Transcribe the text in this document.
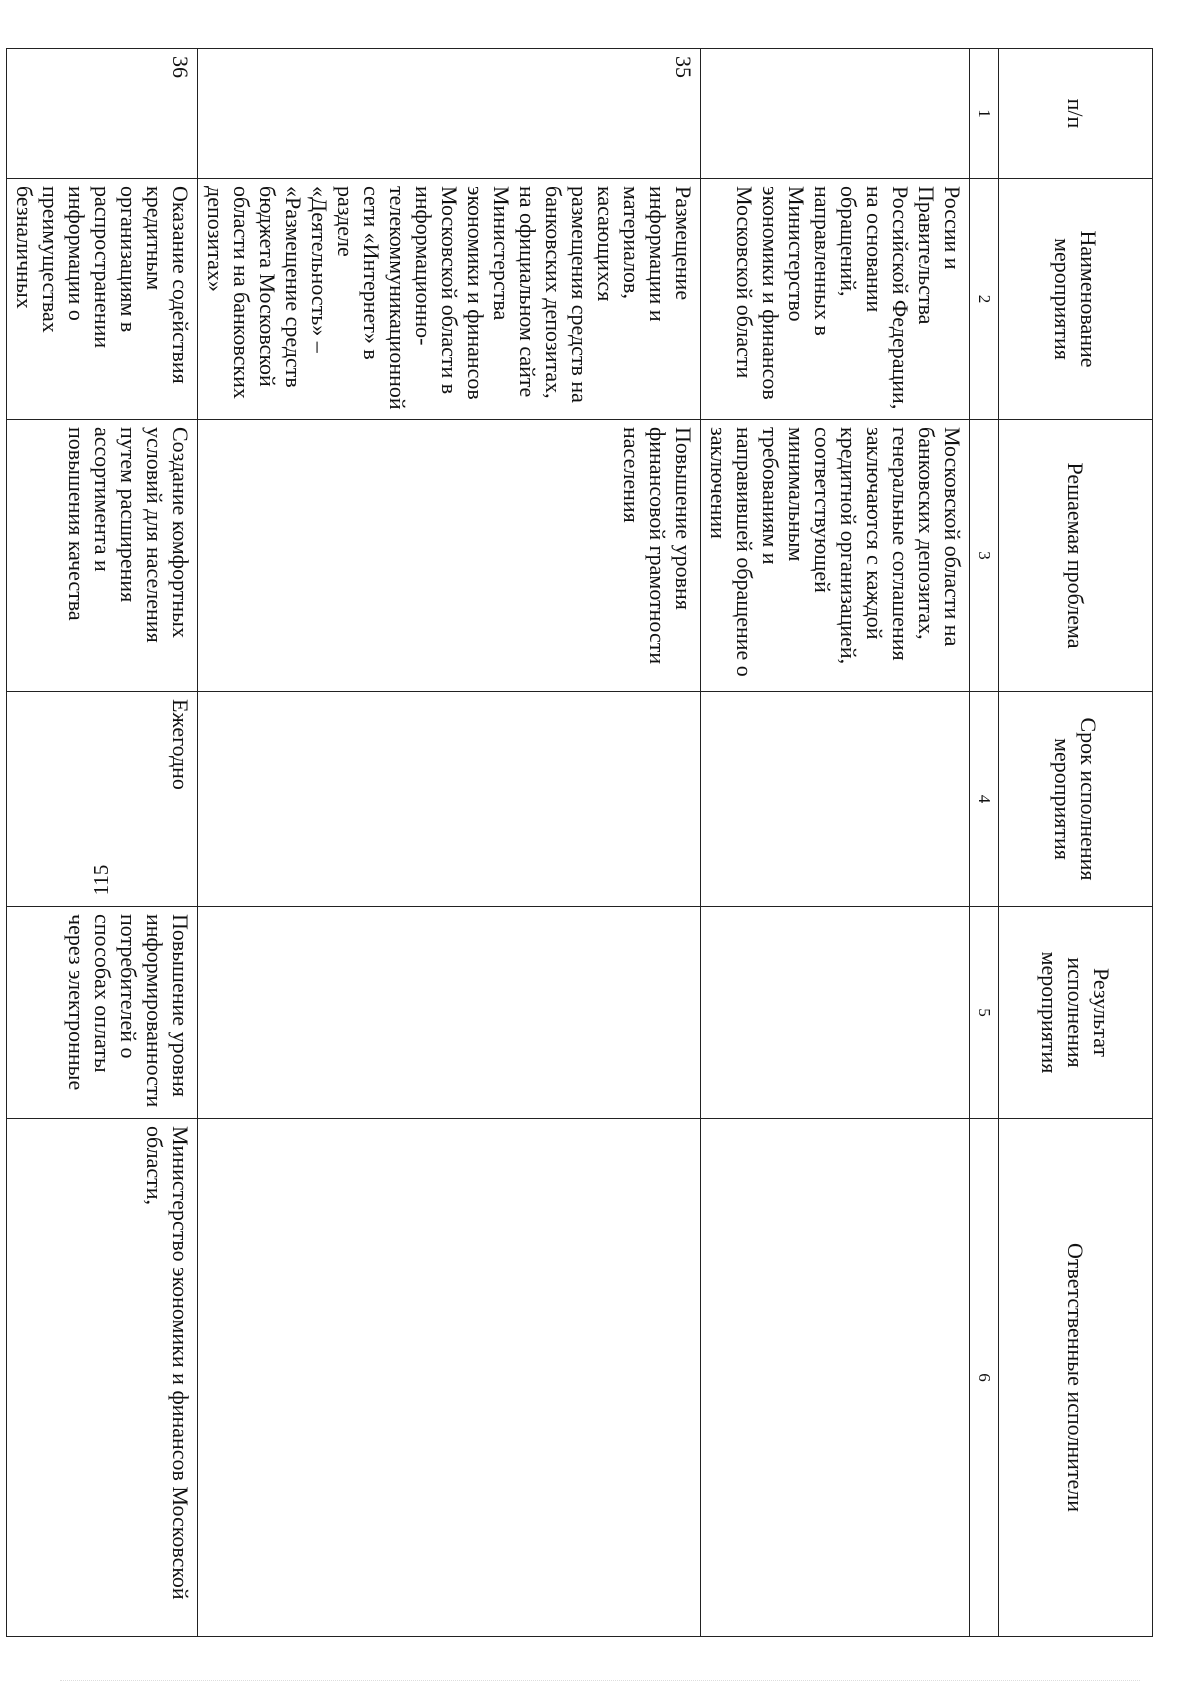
115
п/п	Наименование мероприятия	Решаемая проблема	Срок исполнения мероприятия	Результат исполнения мероприятия	Ответственные исполнители
1	2	3	4	5	6
	России и Правительства Российской Федерации, на основании обращений, направленных в Министерство экономики и финансов Московской области	Московской области на банковских депозитах, генеральные соглашения заключаются с каждой кредитной организацией, соответствующей минимальным требованиям и направившей обращение о заключении			
35	Размещение информации и материалов, касающихся размещения средств на банковских депозитах, на официальном сайте Министерства экономики и финансов Московской области в информационно-телекоммуникационной сети «Интернет» в разделе «Деятельность» – «Размещение средств бюджета Московской области на банковских депозитах»	Повышение уровня финансовой грамотности населения			
36	Оказание содействия кредитным организациям в распространении информации о преимуществах безналичных	Создание комфортных условий для населения путем расширения ассортимента и повышения качества	Ежегодно	Повышение уровня информированности потребителей о способах оплаты через электронные	Министерство экономики и финансов Московской области,
